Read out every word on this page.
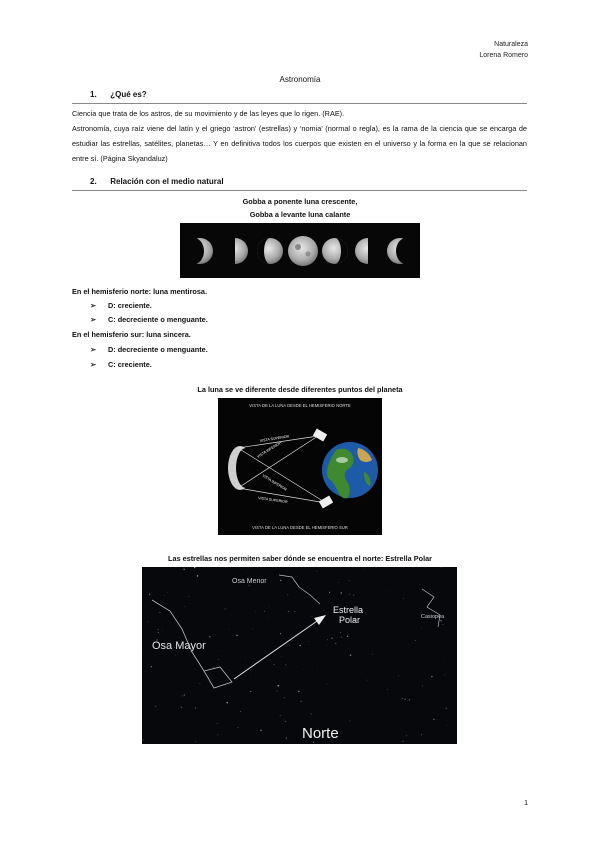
Naturaleza
Lorena Romero
Astronomía
1. ¿Qué es?
Ciencia que trata de los astros, de su movimiento y de las leyes que lo rigen. (RAE).
Astronomía, cuya raíz viene del latín y el griego ‘astron’ (estrellas) y ‘nomia’ (normal o regla), es la rama de la ciencia que se encarga de estudiar las estrellas, satélites, planetas… Y en definitiva todos los cuerpos que existen en el universo y la forma en la que se relacionan entre sí. (Página Skyandaluz)
2. Relación con el medio natural
Gobba a ponente luna crescente,
Gobba a levante luna calante
En el hemisferio norte: luna mentirosa.
➢ D: creciente.
➢ C: decreciente o menguante.
En el hemisferio sur: luna sincera.
➢ D: decreciente o menguante.
➢ C: creciente.
La luna se ve diferente desde diferentes puntos del planeta
VISTA DE LA LUNA DESDE EL HEMISFERIO NORTE
VISTA DE LA LUNA DESDE EL HEMISFERIO SUR
VISTA SUPERIOR
VISTA INFERIOR
VISTA INFERIOR
VISTA SUPERIOR
Las estrellas nos permiten saber dónde se encuentra el norte: Estrella Polar
Osa Menor
Estrella
Polar	Casiopea
Osa Mayor
Norte
1
